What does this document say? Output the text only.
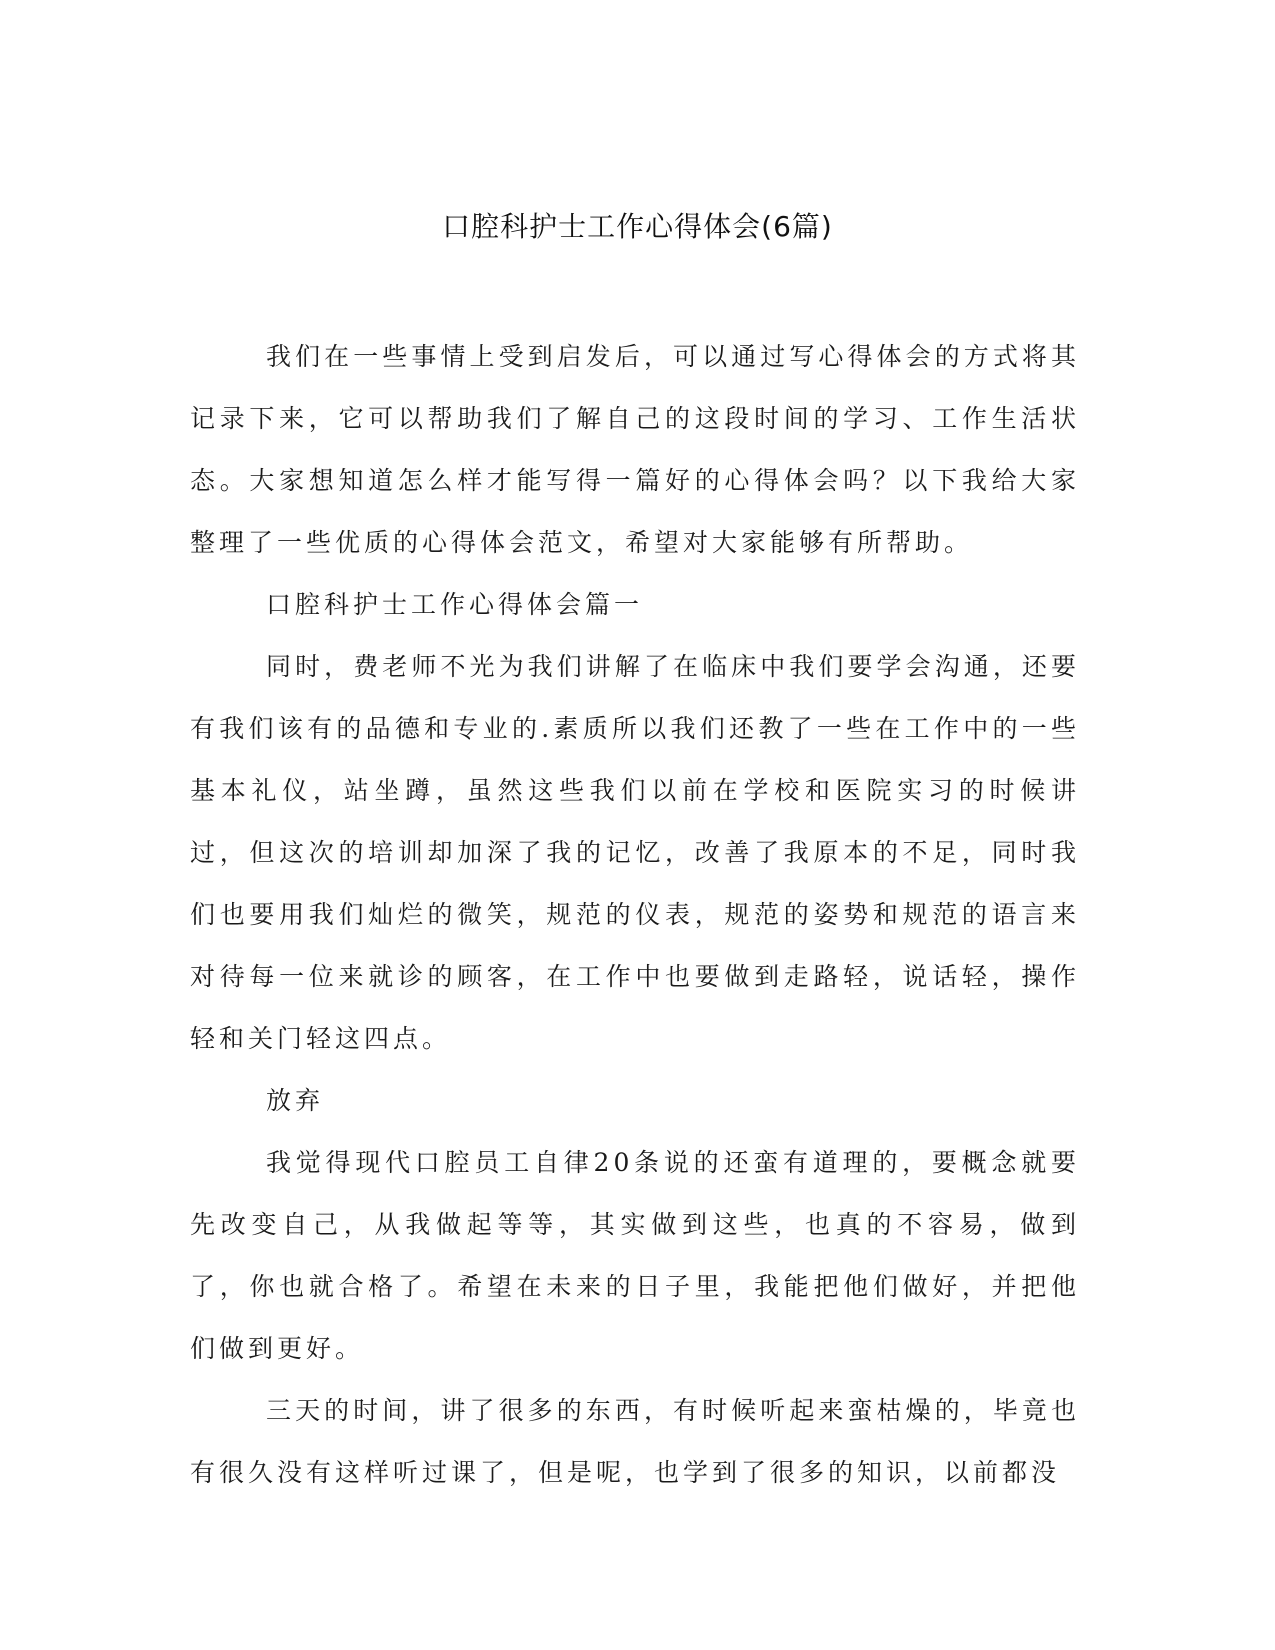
口腔科护士工作心得体会(6篇)

我们在一些事情上受到启发后，可以通过写心得体会的方式将其记录下来，它可以帮助我们了解自己的这段时间的学习、工作生活状态。大家想知道怎么样才能写得一篇好的心得体会吗？以下我给大家整理了一些优质的心得体会范文，希望对大家能够有所帮助。

口腔科护士工作心得体会篇一

同时，费老师不光为我们讲解了在临床中我们要学会沟通，还要有我们该有的品德和专业的.素质所以我们还教了一些在工作中的一些基本礼仪，站坐蹲，虽然这些我们以前在学校和医院实习的时候讲过，但这次的培训却加深了我的记忆，改善了我原本的不足，同时我们也要用我们灿烂的微笑，规范的仪表，规范的姿势和规范的语言来对待每一位来就诊的顾客，在工作中也要做到走路轻，说话轻，操作轻和关门轻这四点。

放弃

我觉得现代口腔员工自律20条说的还蛮有道理的，要概念就要先改变自己，从我做起等等，其实做到这些，也真的不容易，做到了，你也就合格了。希望在未来的日子里，我能把他们做好，并把他们做到更好。

三天的时间，讲了很多的东西，有时候听起来蛮枯燥的，毕竟也有很久没有这样听过课了，但是呢，也学到了很多的知识，以前都没
